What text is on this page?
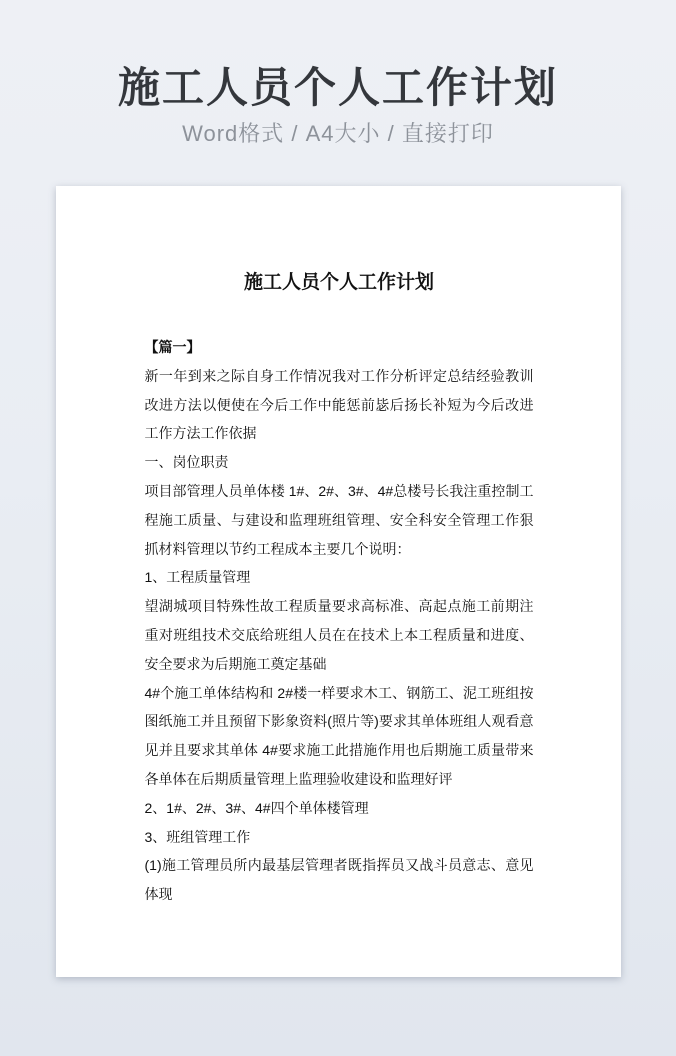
施工人员个人工作计划
Word格式 / A4大小 / 直接打印
施工人员个人工作计划

【篇一】

新一年到来之际自身工作情况我对工作分析评定总结经验教训改进方法以便使在今后工作中能惩前毖后扬长补短为今后改进工作方法工作依据

一、岗位职责

项目部管理人员单体楼 1#、2#、3#、4#总楼号长我注重控制工程施工质量、与建设和监理班组管理、安全科安全管理工作狠抓材料管理以节约工程成本主要几个说明：

1、工程质量管理

望湖城项目特殊性故工程质量要求高标准、高起点施工前期注重对班组技术交底给班组人员在在技术上本工程质量和进度、安全要求为后期施工奠定基础

4#个施工单体结构和 2#楼一样要求木工、钢筋工、泥工班组按图纸施工并且预留下影象资料(照片等)要求其单体班组人观看意见并且要求其单体 4#要求施工此措施作用也后期施工质量带来各单体在后期质量管理上监理验收建设和监理好评

2、1#、2#、3#、4#四个单体楼管理

3、班组管理工作

(1)施工管理员所内最基层管理者既指挥员又战斗员意志、意见体现
